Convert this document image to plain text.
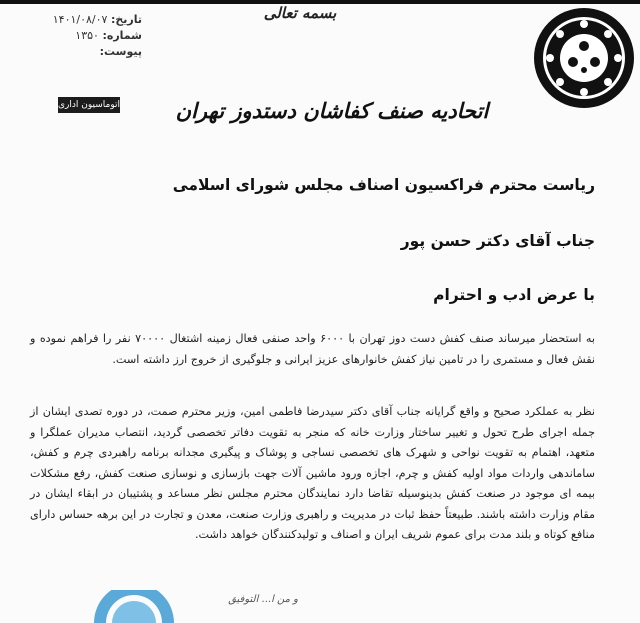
تاریخ: ۱۴۰۱/۰۸/۰۷
شماره: ۱۳۵۰
پیوست:
اتوماسیون اداری
بسمه تعالی
اتحادیه صنف کفاشان دستدوز تهران
ریاست محترم فراکسیون اصناف مجلس شورای اسلامی
جناب آقای دکتر حسن پور
با عرض ادب و احترام
به استحضار میرساند صنف کفش دست دوز تهران با ۶۰۰۰ واحد صنفی فعال زمینه اشتغال ۷۰۰۰۰ نفر را فراهم نموده و نقش فعال و مستمری را در تامین نیاز کفش خانوارهای عزیز ایرانی و جلوگیری از خروج ارز داشته است.
نظر به عملکرد صحیح و واقع گرایانه جناب آقای دکتر سیدرضا فاطمی امین، وزیر محترم صمت، در دوره تصدی ایشان از جمله اجرای طرح تحول و تغییر ساختار وزارت خانه که منجر به تقویت دفاتر تخصصی گردید، انتصاب مدیران عملگرا و متعهد، اهتمام به تقویت نواحی و شهرک های تخصصی نساجی و پوشاک و پیگیری مجدانه برنامه راهبردی چرم و کفش، ساماندهی واردات مواد اولیه کفش و چرم، اجازه ورود ماشین آلات جهت بازسازی و نوسازی صنعت کفش، رفع مشکلات بیمه ای موجود در صنعت کفش بدینوسیله تقاضا دارد نمایندگان محترم مجلس نظر مساعد و پشتیبان در ابقاء ایشان در مقام وزارت داشته باشند. طبیعتاً حفظ ثبات در مدیریت و راهبری وزارت صنعت، معدن و تجارت در این برهه حساس دارای منافع کوتاه و بلند مدت برای عموم شریف ایران و اصناف و تولیدکنندگان خواهد داشت.
و من ا... التوفیق
